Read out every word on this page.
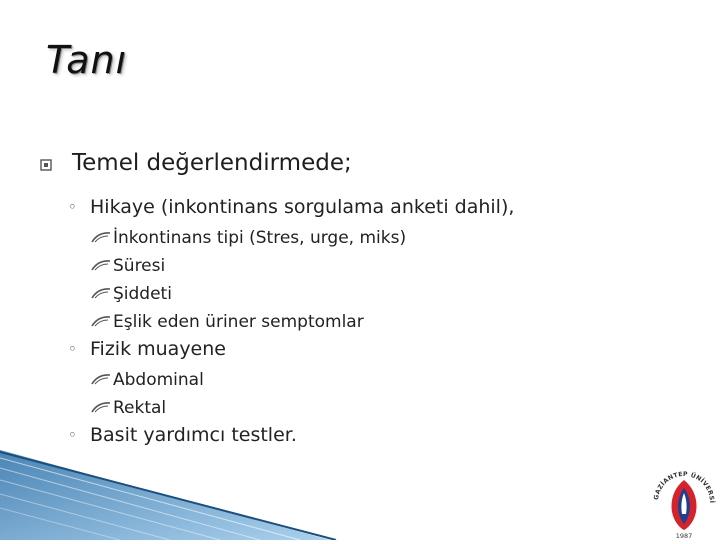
Tanı
Temel değerlendirmede;
◦ Hikaye (inkontinans sorgulama anketi dahil),
İnkontinans tipi (Stres, urge, miks)
Süresi
Şiddeti
Eşlik eden üriner semptomlar
◦ Fizik muayene
Abdominal
Rektal
◦ Basit yardımcı testler.
GAZİANTEP ÜNİVERSİ
1987
